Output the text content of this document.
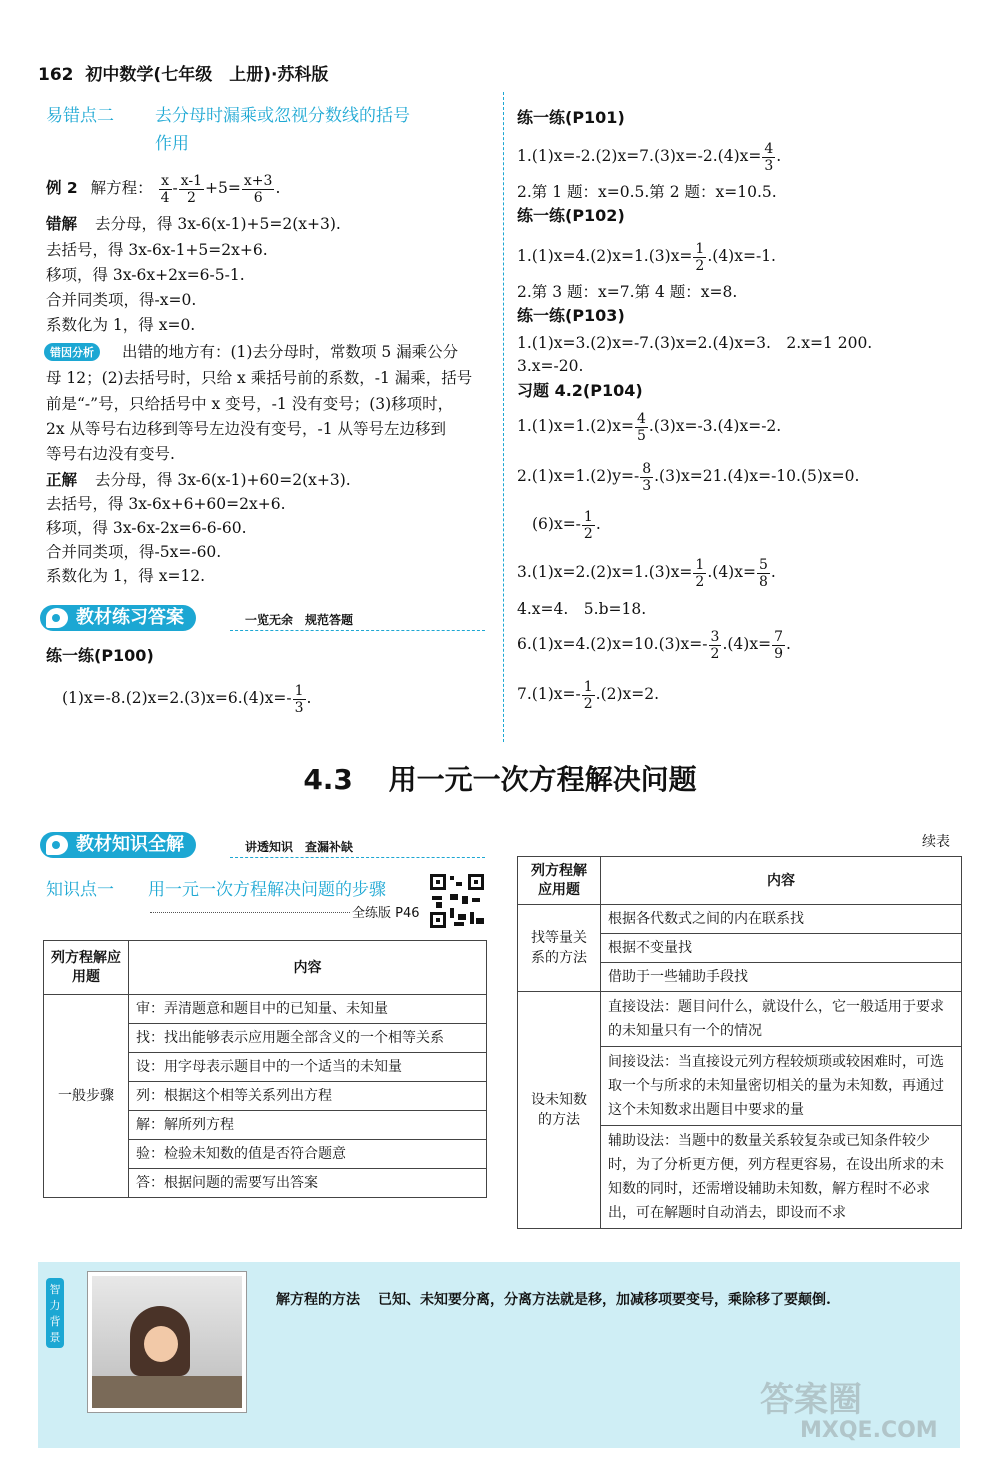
162 初中数学(七年级　上册)·苏科版
易错点二 去分母时漏乘或忽视分数线的括号
作用
例 2 解方程： $\frac{x}{4} - \frac{x-1}{2} +5= \frac{x+3}{6}$ .
错解 去分母，得 3x-6(x-1)+5=2(x+3).
去括号，得 3x-6x-1+5=2x+6.
移项，得 3x-6x+2x=6-5-1.
合并同类项，得-x=0.
系数化为 1，得 x=0.
错因分析	出错的地方有：(1)去分母时，常数项 5 漏乘公分
母 12；(2)去括号时，只给 x 乘括号前的系数，-1 漏乘，括号
前是“-”号，只给括号中 x 变号，-1 没有变号；(3)移项时，
2x 从等号右边移到等号左边没有变号，-1 从等号左边移到
等号右边没有变号.
正解 去分母，得 3x-6(x-1)+60=2(x+3).
去括号，得 3x-6x+6+60=2x+6.
移项，得 3x-6x-2x=6-6-60.
合并同类项，得-5x=-60.
系数化为 1，得 x=12.
教材练习答案	一览无余　规范答题
练一练(P100)
$(1)x=-8.(2)x=2.(3)x=6.(4)x=- \frac{1}{3}$ .
练一练(P101)
$1.(1)x=-2.(2)x=7.(3)x=-2.(4)x= \frac{4}{3}$ .
2.第 1 题：x=0.5.第 2 题：x=10.5.
练一练(P102)
$1.(1)x=4.(2)x=1.(3)x= \frac{1}{2} .(4)x=-1$.
2.第 3 题：x=7.第 4 题：x=8.
练一练(P103)
1.(1)x=3.(2)x=-7.(3)x=2.(4)x=3.　2.x=1 200.
3.x=-20.
习题 4.2(P104)
$1.(1)x=1.(2)x= \frac{4}{5} .(3)x=-3.(4)x=-2$.
$2.(1)x=1.(2)y=- \frac{8}{3} .(3)x=21.(4)x=-10.(5)x=0$.
$(6)x=- \frac{1}{2}$ .
$3.(1)x=2.(2)x=1.(3)x= \frac{1}{2} .(4)x= \frac{5}{8}$ .
4.x=4.　5.b=18.
$6.(1)x=4.(2)x=10.(3)x=- \frac{3}{2} .(4)x= \frac{7}{9}$ .
$7.(1)x=- \frac{1}{2} .(2)x=2$.
4.3 用一元一次方程解决问题
教材知识全解	讲透知识　查漏补缺
知识点一 用一元一次方程解决问题的步骤
全练版 P46
列方程解应用题	内容
一般步骤	审：弄清题意和题目中的已知量、未知量
	找：找出能够表示应用题全部含义的一个相等关系
	设：用字母表示题目中的一个适当的未知量
	列：根据这个相等关系列出方程
	解：解所列方程
	验：检验未知数的值是否符合题意
	答：根据问题的需要写出答案
续表
列方程解应用题	内容
找等量关系的方法	根据各代数式之间的内在联系找
	根据不变量找
	借助于一些辅助手段找
设未知数的方法	直接设法：题目问什么，就设什么，它一般适用于要求的未知量只有一个的情况
	间接设法：当直接设元列方程较烦琐或较困难时，可选取一个与所求的未知量密切相关的量为未知数，再通过这个未知数求出题目中要求的量
	辅助设法：当题中的数量关系较复杂或已知条件较少时，为了分析更方便，列方程更容易，在设出所求的未知数的同时，还需增设辅助未知数，解方程时不必求出，可在解题时自动消去，即设而不求
智力背景
解方程的方法 已知、未知要分离，分离方法就是移，加减移项要变号，乘除移了要颠倒.
答案圈
MXQE.COM
